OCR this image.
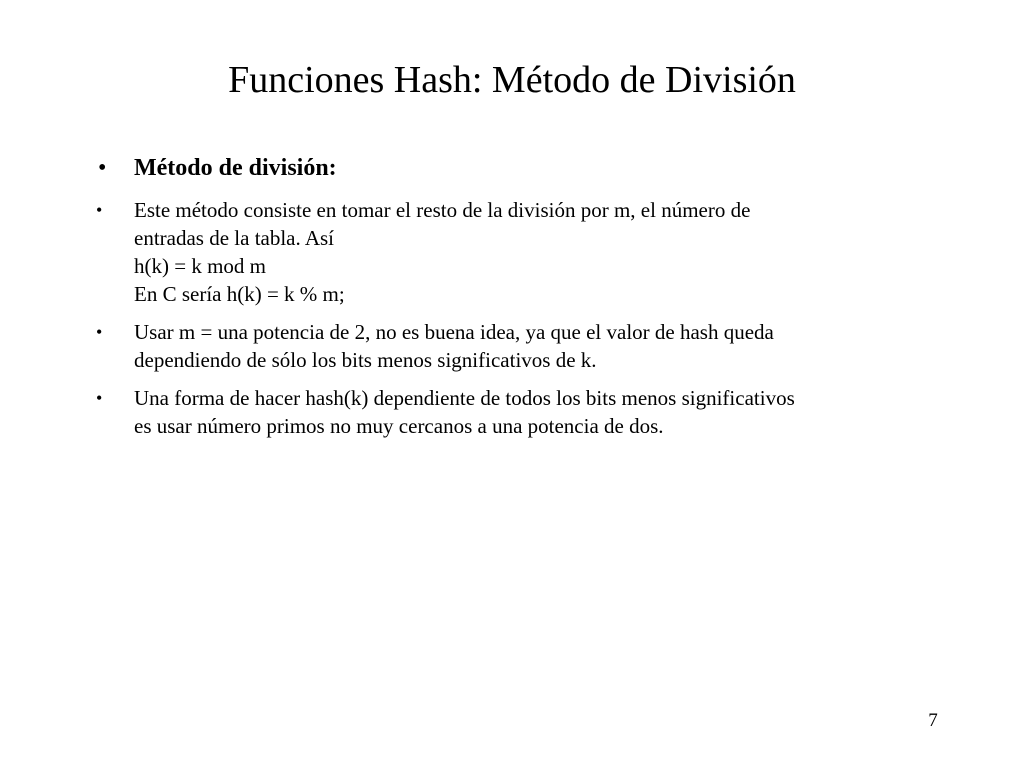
Funciones Hash: Método de División
• Método de división:
• Este método consiste en tomar el resto de la división por m, el número de
entradas de la tabla. Así
h(k) = k mod m
En C sería h(k) = k % m;
• Usar m = una potencia de 2, no es buena idea, ya que el valor de hash queda
dependiendo de sólo los bits menos significativos de k.
• Una forma de hacer hash(k) dependiente de todos los bits menos significativos
es usar número primos no muy cercanos a una potencia de dos.
7
